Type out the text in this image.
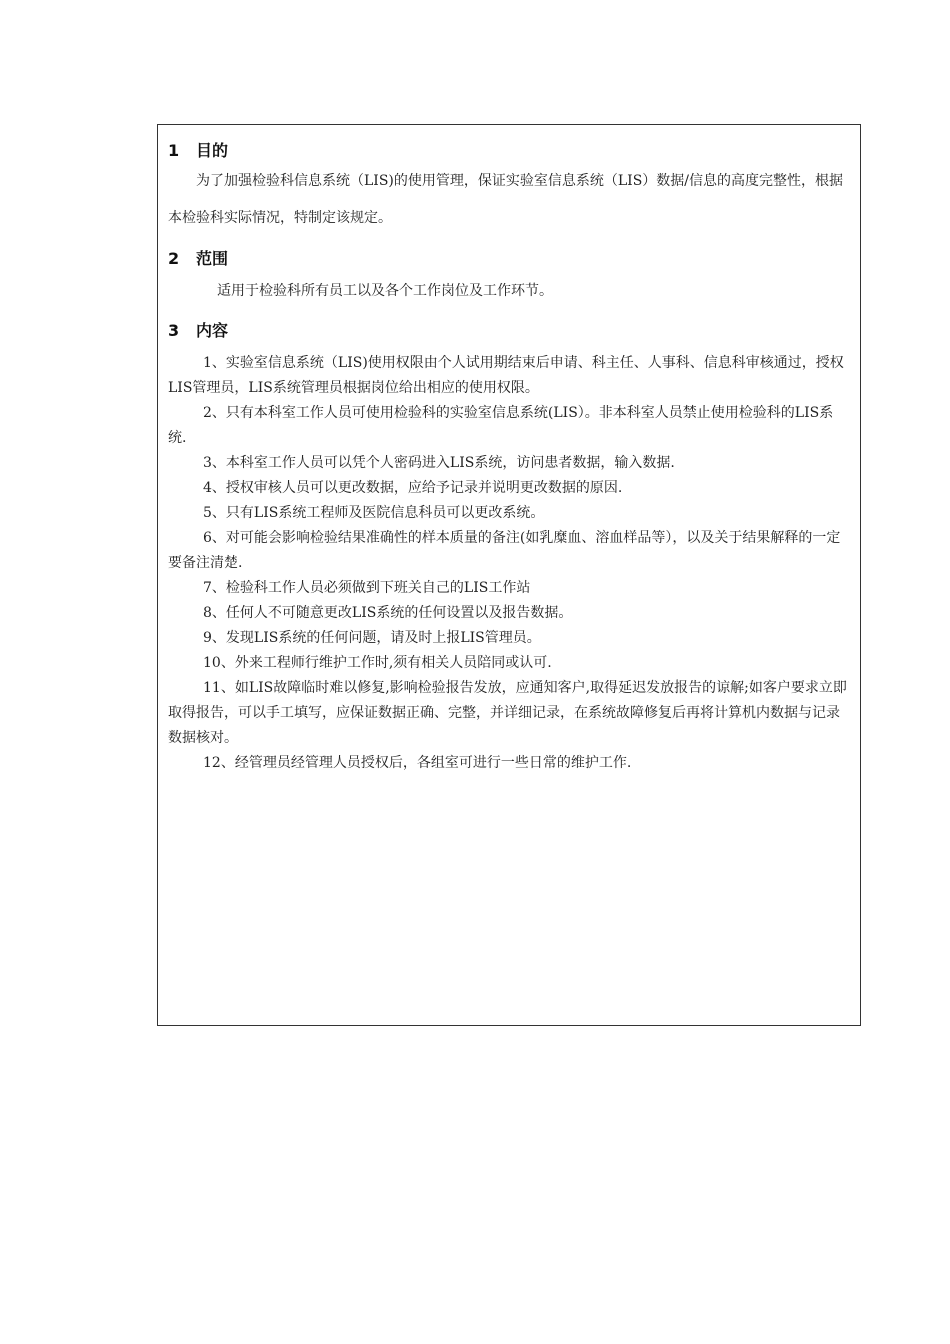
1 目的

为了加强检验科信息系统（LIS)的使用管理，保证实验室信息系统（LIS）数据/信息的高度完整性，根据本检验科实际情况，特制定该规定。

2 范围

适用于检验科所有员工以及各个工作岗位及工作环节。

3 内容
1、实验室信息系统（LIS)使用权限由个人试用期结束后申请、科主任、人事科、信息科审核通过，授权LIS管理员，LIS系统管理员根据岗位给出相应的使用权限。
2、只有本科室工作人员可使用检验科的实验室信息系统(LIS）。非本科室人员禁止使用检验科的LIS系统.
3、本科室工作人员可以凭个人密码进入LIS系统，访问患者数据，输入数据.
4、授权审核人员可以更改数据，应给予记录并说明更改数据的原因.
5、只有LIS系统工程师及医院信息科员可以更改系统。
6、对可能会影响检验结果准确性的样本质量的备注(如乳糜血、溶血样品等），以及关于结果解释的一定要备注清楚.
7、检验科工作人员必须做到下班关自己的LIS工作站
8、任何人不可随意更改LIS系统的任何设置以及报告数据。
9、发现LIS系统的任何问题，请及时上报LIS管理员。
10、外来工程师行维护工作时,须有相关人员陪同或认可.
11、如LIS故障临时难以修复,影响检验报告发放，应通知客户,取得延迟发放报告的谅解;如客户要求立即取得报告，可以手工填写，应保证数据正确、完整，并详细记录，在系统故障修复后再将计算机内数据与记录数据核对。
12、经管理员经管理人员授权后，各组室可进行一些日常的维护工作.
